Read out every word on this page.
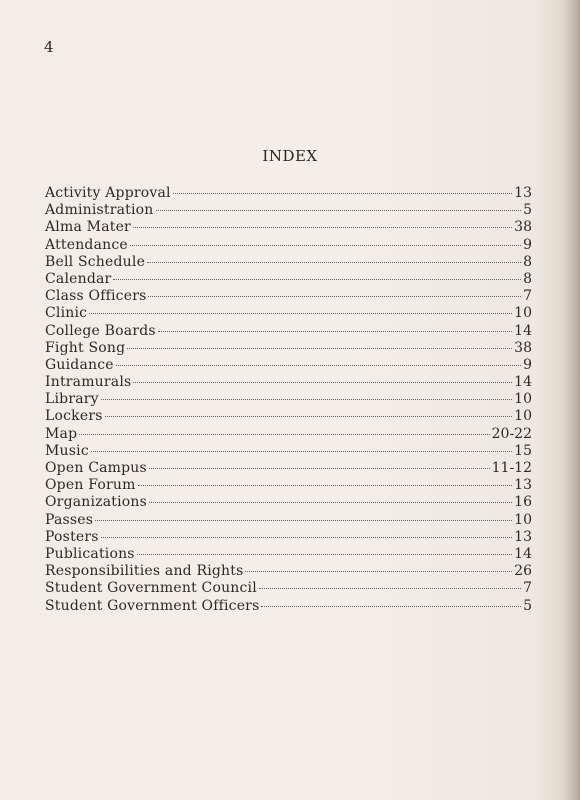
4
INDEX
Activity Approval	13
Administration	5
Alma Mater	38
Attendance	9
Bell Schedule	8
Calendar	8
Class Officers	7
Clinic	10
College Boards	14
Fight Song	38
Guidance	9
Intramurals	14
Library	10
Lockers	10
Map	20-22
Music	15
Open Campus	11-12
Open Forum	13
Organizations	16
Passes	10
Posters	13
Publications	14
Responsibilities and Rights	26
Student Government Council	7
Student Government Officers	5
